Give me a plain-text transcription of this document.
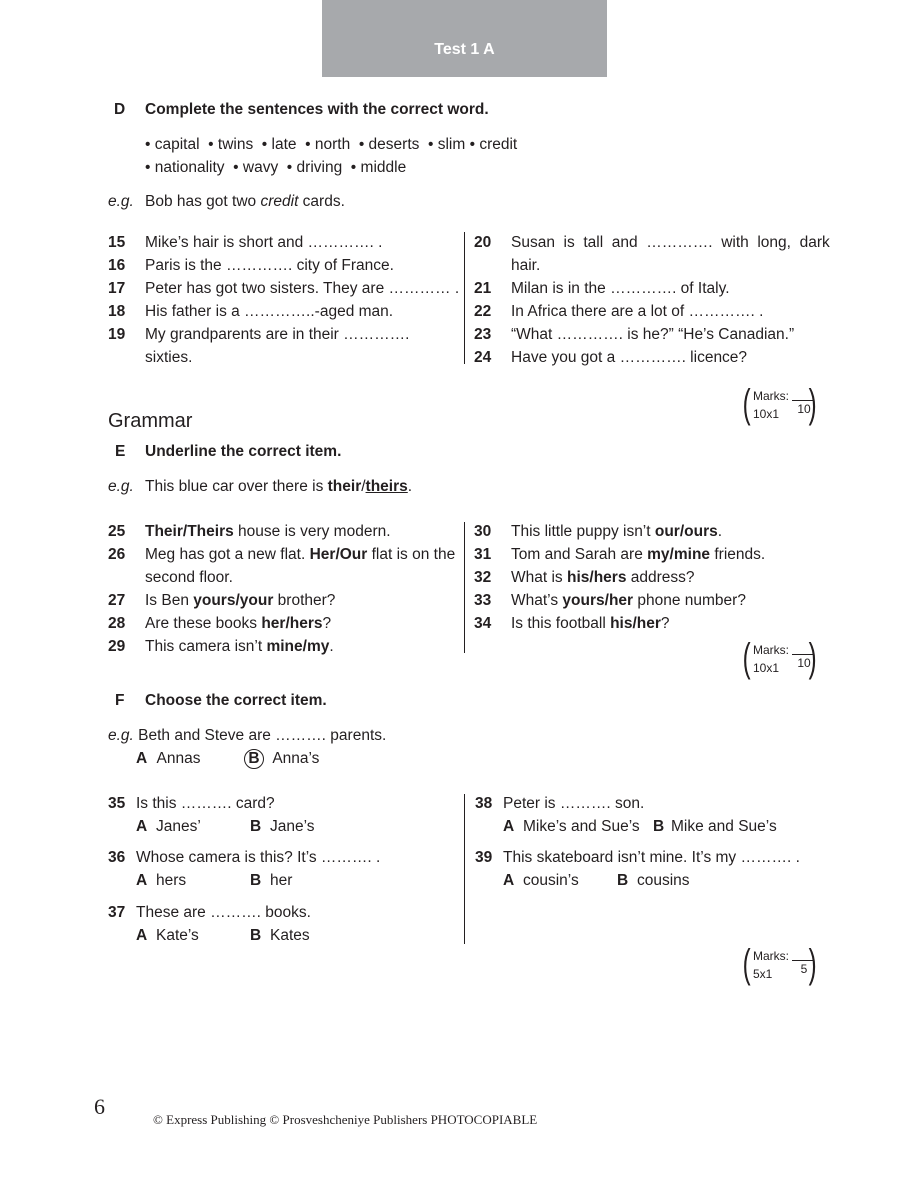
Test 1 A
D Complete the sentences with the correct word.
• capital  • twins  • late  • north  • deserts  • slim • credit
• nationality  • wavy  • driving  • middle
e.g. Bob has got two credit cards.
15 Mike’s hair is short and …………. .
16 Paris is the …………. city of France.
17 Peter has got two sisters. They are ………… .
18 His father is a …………..-aged man.
19 My grandparents are in their ………….
sixties.
20 Susan  is  tall  and  ………….  with  long,  dark
hair.
21 Milan is in the …………. of Italy.
22 In Africa there are a lot of …………. .
23 “What …………. is he?” “He’s Canadian.”
24 Have you got a …………. licence?
( Marks:
10x1 10
)
Grammar
E Underline the correct item.
e.g. This blue car over there is their/theirs.
25 Their/Theirs house is very modern.
26 Meg has got a new flat. Her/Our flat is on the
second floor.
27 Is Ben yours/your brother?
28 Are these books her/hers?
29 This camera isn’t mine/my.
30 This little puppy isn’t our/ours.
31 Tom and Sarah are my/mine friends.
32 What is his/hers address?
33 What’s yours/her phone number?
34 Is this football his/her?
( Marks:
10x1 10
)
F Choose the correct item.
e.g. Beth and Steve are ………. parents.
A Annas	B Anna’s
35 Is this ………. card?
A Janes’	B Jane’s
36 Whose camera is this? It’s ………. .
A hers	B her
37 These are ………. books.
A Kate’s	B Kates
38 Peter is ………. son.
A Mike’s and Sue’s B Mike and Sue’s
39 This skateboard isn’t mine. It’s my ………. .
A cousin’s B cousins
( Marks:
5x1	5 )
6
© Express Publishing © Prosveshcheniye Publishers PHOTOCOPIABLE
